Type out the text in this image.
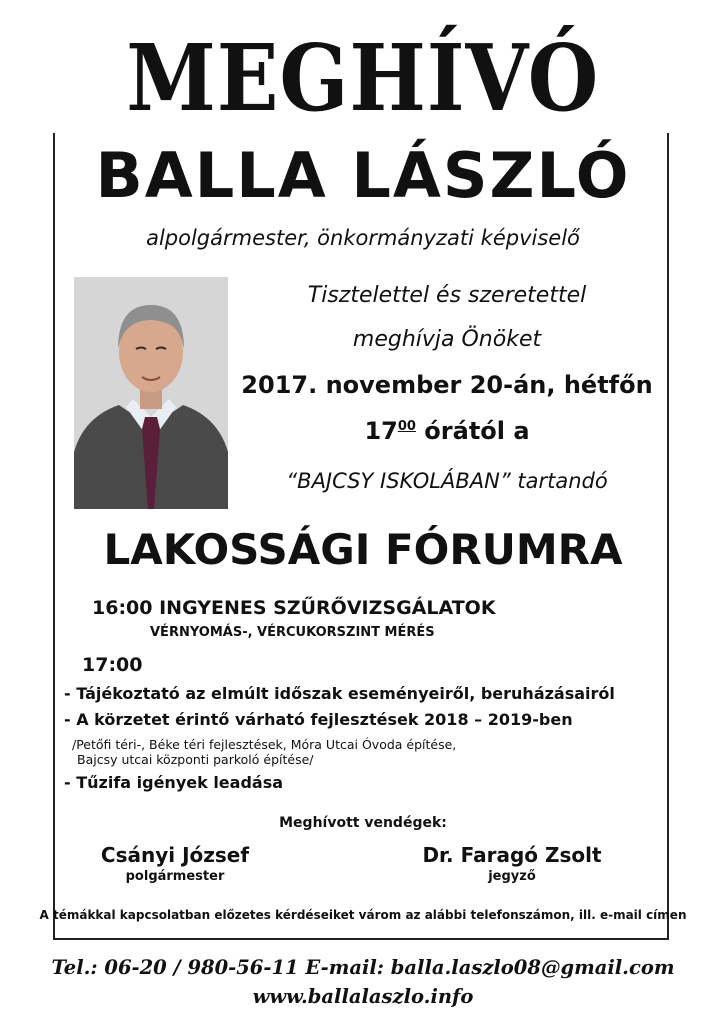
MEGHÍVÓ
BALLA LÁSZLÓ
alpolgármester, önkormányzati képviselő
Tisztelettel és szeretettel
meghívja Önöket
2017. november 20-án, hétfőn
$17^{00}$ órától a
“BAJCSY ISKOLÁBAN” tartandó
LAKOSSÁGI FÓRUMRA
16:00 INGYENES SZŰRŐVIZSGÁLATOK
VÉRNYOMÁS-, VÉRCUKORSZINT MÉRÉS
17:00
- Tájékoztató az elmúlt időszak eseményeiről, beruházásairól
- A körzetet érintő várható fejlesztések 2018 – 2019-ben
/Petőfi téri-, Béke téri fejlesztések, Móra Utcai Óvoda építése,
Bajcsy utcai központi parkoló építése/
- Tűzifa igények leadása
Meghívott vendégek:
Csányi József
polgármester
Dr. Faragó Zsolt
jegyző
A témákkal kapcsolatban előzetes kérdéseiket várom az alábbi telefonszámon, ill. e-mail címen
Tel.: 06-20 / 980-56-11 E-mail: balla.laszlo08@gmail.com
www.ballalaszlo.info
